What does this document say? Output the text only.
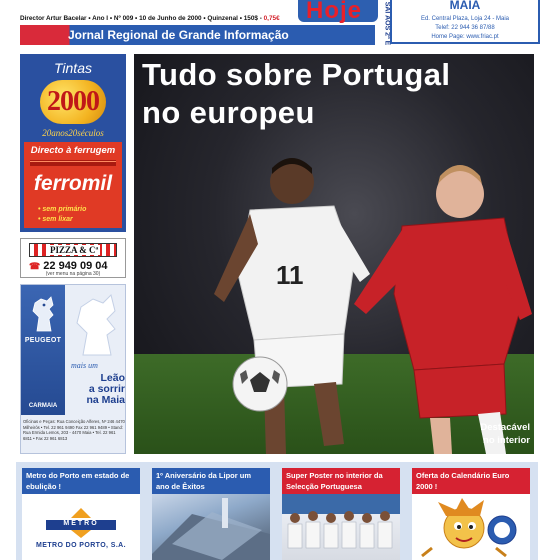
Hoje	SAI AOS 2ª E
Director Artur Bacelar • Ano I • Nº 009 • 10 de Junho de 2000 • Quinzenal • 150$ - 0,75€
Jornal Regional de Grande Informação
MAIA
Ed. Central Plaza, Loja 24 - Maia
Telef: 22 944 36 87/88
Home Page: www.friac.pt
Tintas
2000
20anos20séculos
Directo à ferrugem
ferromil
• sem primário
• sem lixar
PIZZA & Cª
☎ 22 949 09 04
(ver menu na página 30)
PEUGEOT
CARMAIA
mais um
Leão
a sorrir
na Maia
Oficinas e Peças: Rua Conceição Alferes, Nº 246 4470 Milheirós • Tel. 22 961 9490 Fax 22 961 9489 • Stand: Rua Ermida Lemos, 203 - 4470 Maia • Tel. 22 961 6811 • Fax 22 961 6813
11
Tudo sobre Portugal
no europeu
Destacável
no interior
Metro do Porto em estado de ebulição !
METRO
METRO DO PORTO, S.A.
1º Aniversário da Lipor um ano de Êxitos
Super Poster no interior da Selecção Portuguesa
Oferta do Calendário Euro 2000 !
